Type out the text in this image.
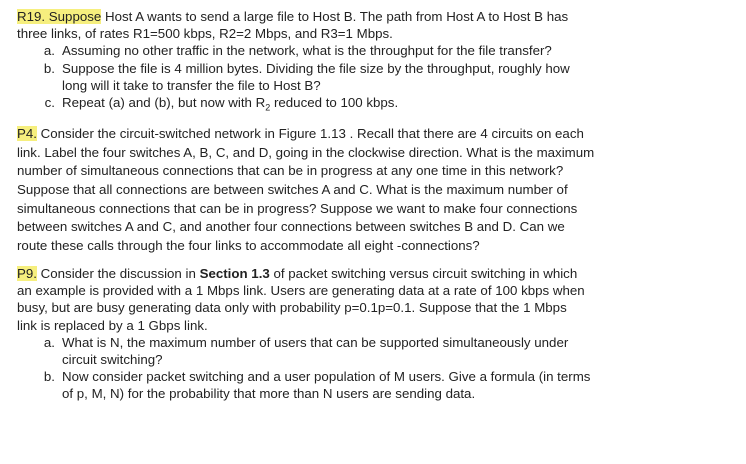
R19. Suppose Host A wants to send a large file to Host B. The path from Host A to Host B has
three links, of rates R1=500 kbps, R2=2 Mbps, and R3=1 Mbps.
a. Assuming no other traffic in the network, what is the throughput for the file transfer?
b. Suppose the file is 4 million bytes. Dividing the file size by the throughput, roughly how
long will it take to transfer the file to Host B?
c. Repeat (a) and (b), but now with $R_2$ reduced to 100 kbps.
P4. Consider the circuit-switched network in Figure 1.13 . Recall that there are 4 circuits on each
link. Label the four switches A, B, C, and D, going in the clockwise direction. What is the maximum
number of simultaneous connections that can be in progress at any one time in this network?
Suppose that all connections are between switches A and C. What is the maximum number of
simultaneous connections that can be in progress? Suppose we want to make four connections
between switches A and C, and another four connections between switches B and D. Can we
route these calls through the four links to accommodate all eight -connections?
P9. Consider the discussion in Section 1.3 of packet switching versus circuit switching in which
an example is provided with a 1 Mbps link. Users are generating data at a rate of 100 kbps when
busy, but are busy generating data only with probability p=0.1p=0.1. Suppose that the 1 Mbps
link is replaced by a 1 Gbps link.
a. What is N, the maximum number of users that can be supported simultaneously under
circuit switching?
b. Now consider packet switching and a user population of M users. Give a formula (in terms
of p, M, N) for the probability that more than N users are sending data.
